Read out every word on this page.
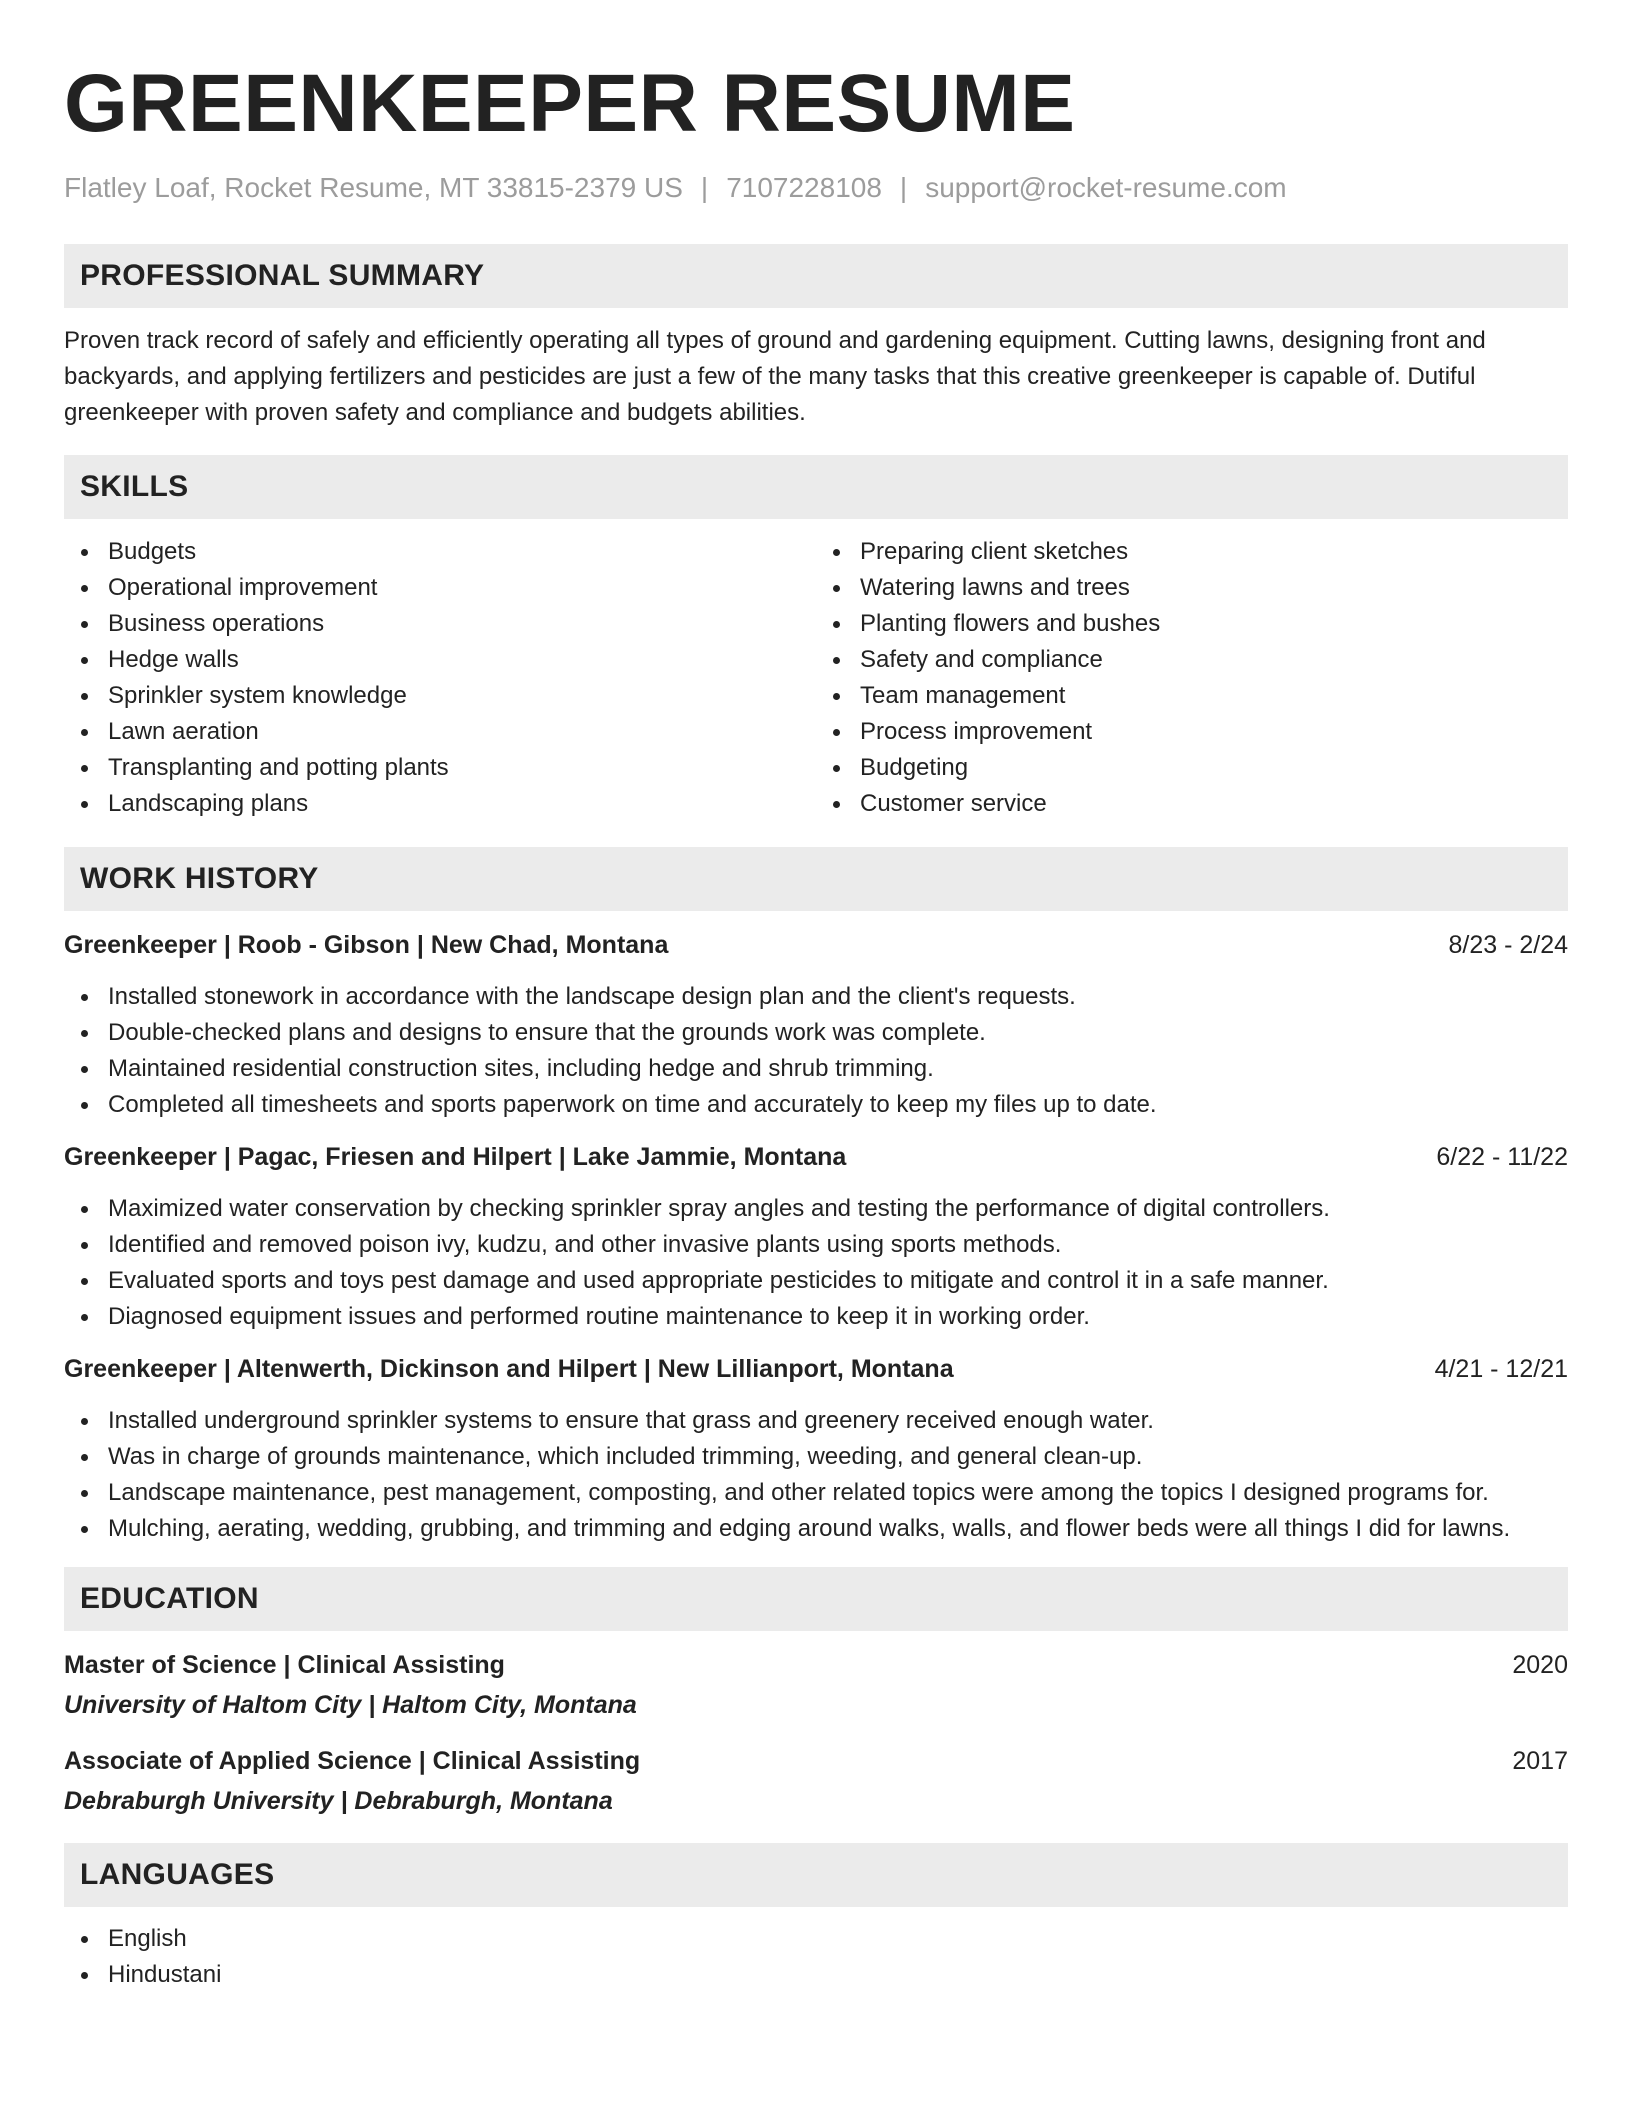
GREENKEEPER RESUME
Flatley Loaf, Rocket Resume, MT 33815-2379 US | 7107228108 | support@rocket-resume.com
PROFESSIONAL SUMMARY

Proven track record of safely and efficiently operating all types of ground and gardening equipment. Cutting lawns, designing front and backyards, and applying fertilizers and pesticides are just a few of the many tasks that this creative greenkeeper is capable of. Dutiful greenkeeper with proven safety and compliance and budgets abilities.

SKILLS
Budgets
Operational improvement
Business operations
Hedge walls
Sprinkler system knowledge
Lawn aeration
Transplanting and potting plants
Landscaping plans
Preparing client sketches
Watering lawns and trees
Planting flowers and bushes
Safety and compliance
Team management
Process improvement
Budgeting
Customer service
WORK HISTORY
Greenkeeper | Roob - Gibson | New Chad, Montana	8/23 - 2/24
Installed stonework in accordance with the landscape design plan and the client's requests.
Double-checked plans and designs to ensure that the grounds work was complete.
Maintained residential construction sites, including hedge and shrub trimming.
Completed all timesheets and sports paperwork on time and accurately to keep my files up to date.
Greenkeeper | Pagac, Friesen and Hilpert | Lake Jammie, Montana	6/22 - 11/22
Maximized water conservation by checking sprinkler spray angles and testing the performance of digital controllers.
Identified and removed poison ivy, kudzu, and other invasive plants using sports methods.
Evaluated sports and toys pest damage and used appropriate pesticides to mitigate and control it in a safe manner.
Diagnosed equipment issues and performed routine maintenance to keep it in working order.
Greenkeeper | Altenwerth, Dickinson and Hilpert | New Lillianport, Montana	4/21 - 12/21
Installed underground sprinkler systems to ensure that grass and greenery received enough water.
Was in charge of grounds maintenance, which included trimming, weeding, and general clean-up.
Landscape maintenance, pest management, composting, and other related topics were among the topics I designed programs for.
Mulching, aerating, wedding, grubbing, and trimming and edging around walks, walls, and flower beds were all things I did for lawns.
EDUCATION
Master of Science | Clinical Assisting	2020
University of Haltom City | Haltom City, Montana
Associate of Applied Science | Clinical Assisting	2017
Debraburgh University | Debraburgh, Montana
LANGUAGES
English
Hindustani
